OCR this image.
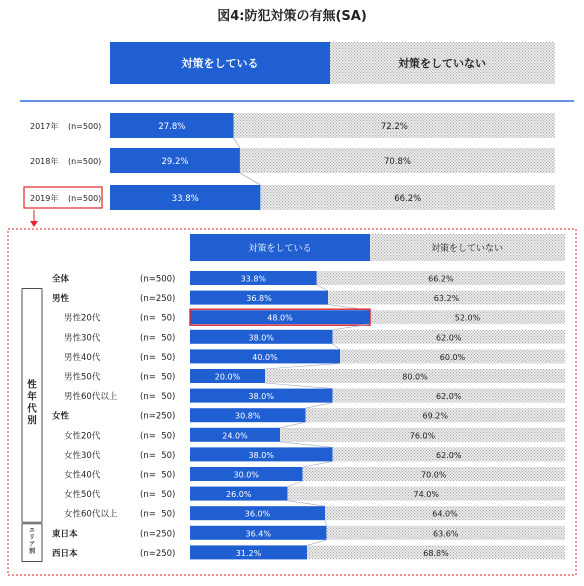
図4:防犯対策の有無(SA)
対策をしている	対策をしていない
2017年 (n=500)	27.8%	72.2%
2018年 (n=500)	29.2%	70.8%
2019年 (n=500)	33.8%	66.2%
対策をしている	対策をしていない
全体	(n=500)	33.8%	66.2%
男性	(n=250)	36.8%	63.2%
男性20代	(n=  50)	48.0%	52.0%
男性30代	(n=  50)	38.0%	62.0%
男性40代	(n=  50)	40.0%	60.0%
男性50代	(n=  50)	20.0%	80.0%
男性60代以上	(n=  50)	38.0%	62.0%
女性	(n=250)	30.8%	69.2%
女性20代	(n=  50)	24.0%	76.0%
女性30代	(n=  50)	38.0%	62.0%
女性40代	(n=  50)	30.0%	70.0%
女性50代	(n=  50)	26.0%	74.0%
女性60代以上	(n=  50)	36.0%	64.0%
東日本	(n=250)	36.4%	63.6%
西日本	(n=250)	31.2%	68.8%
性年代別
エリア別
